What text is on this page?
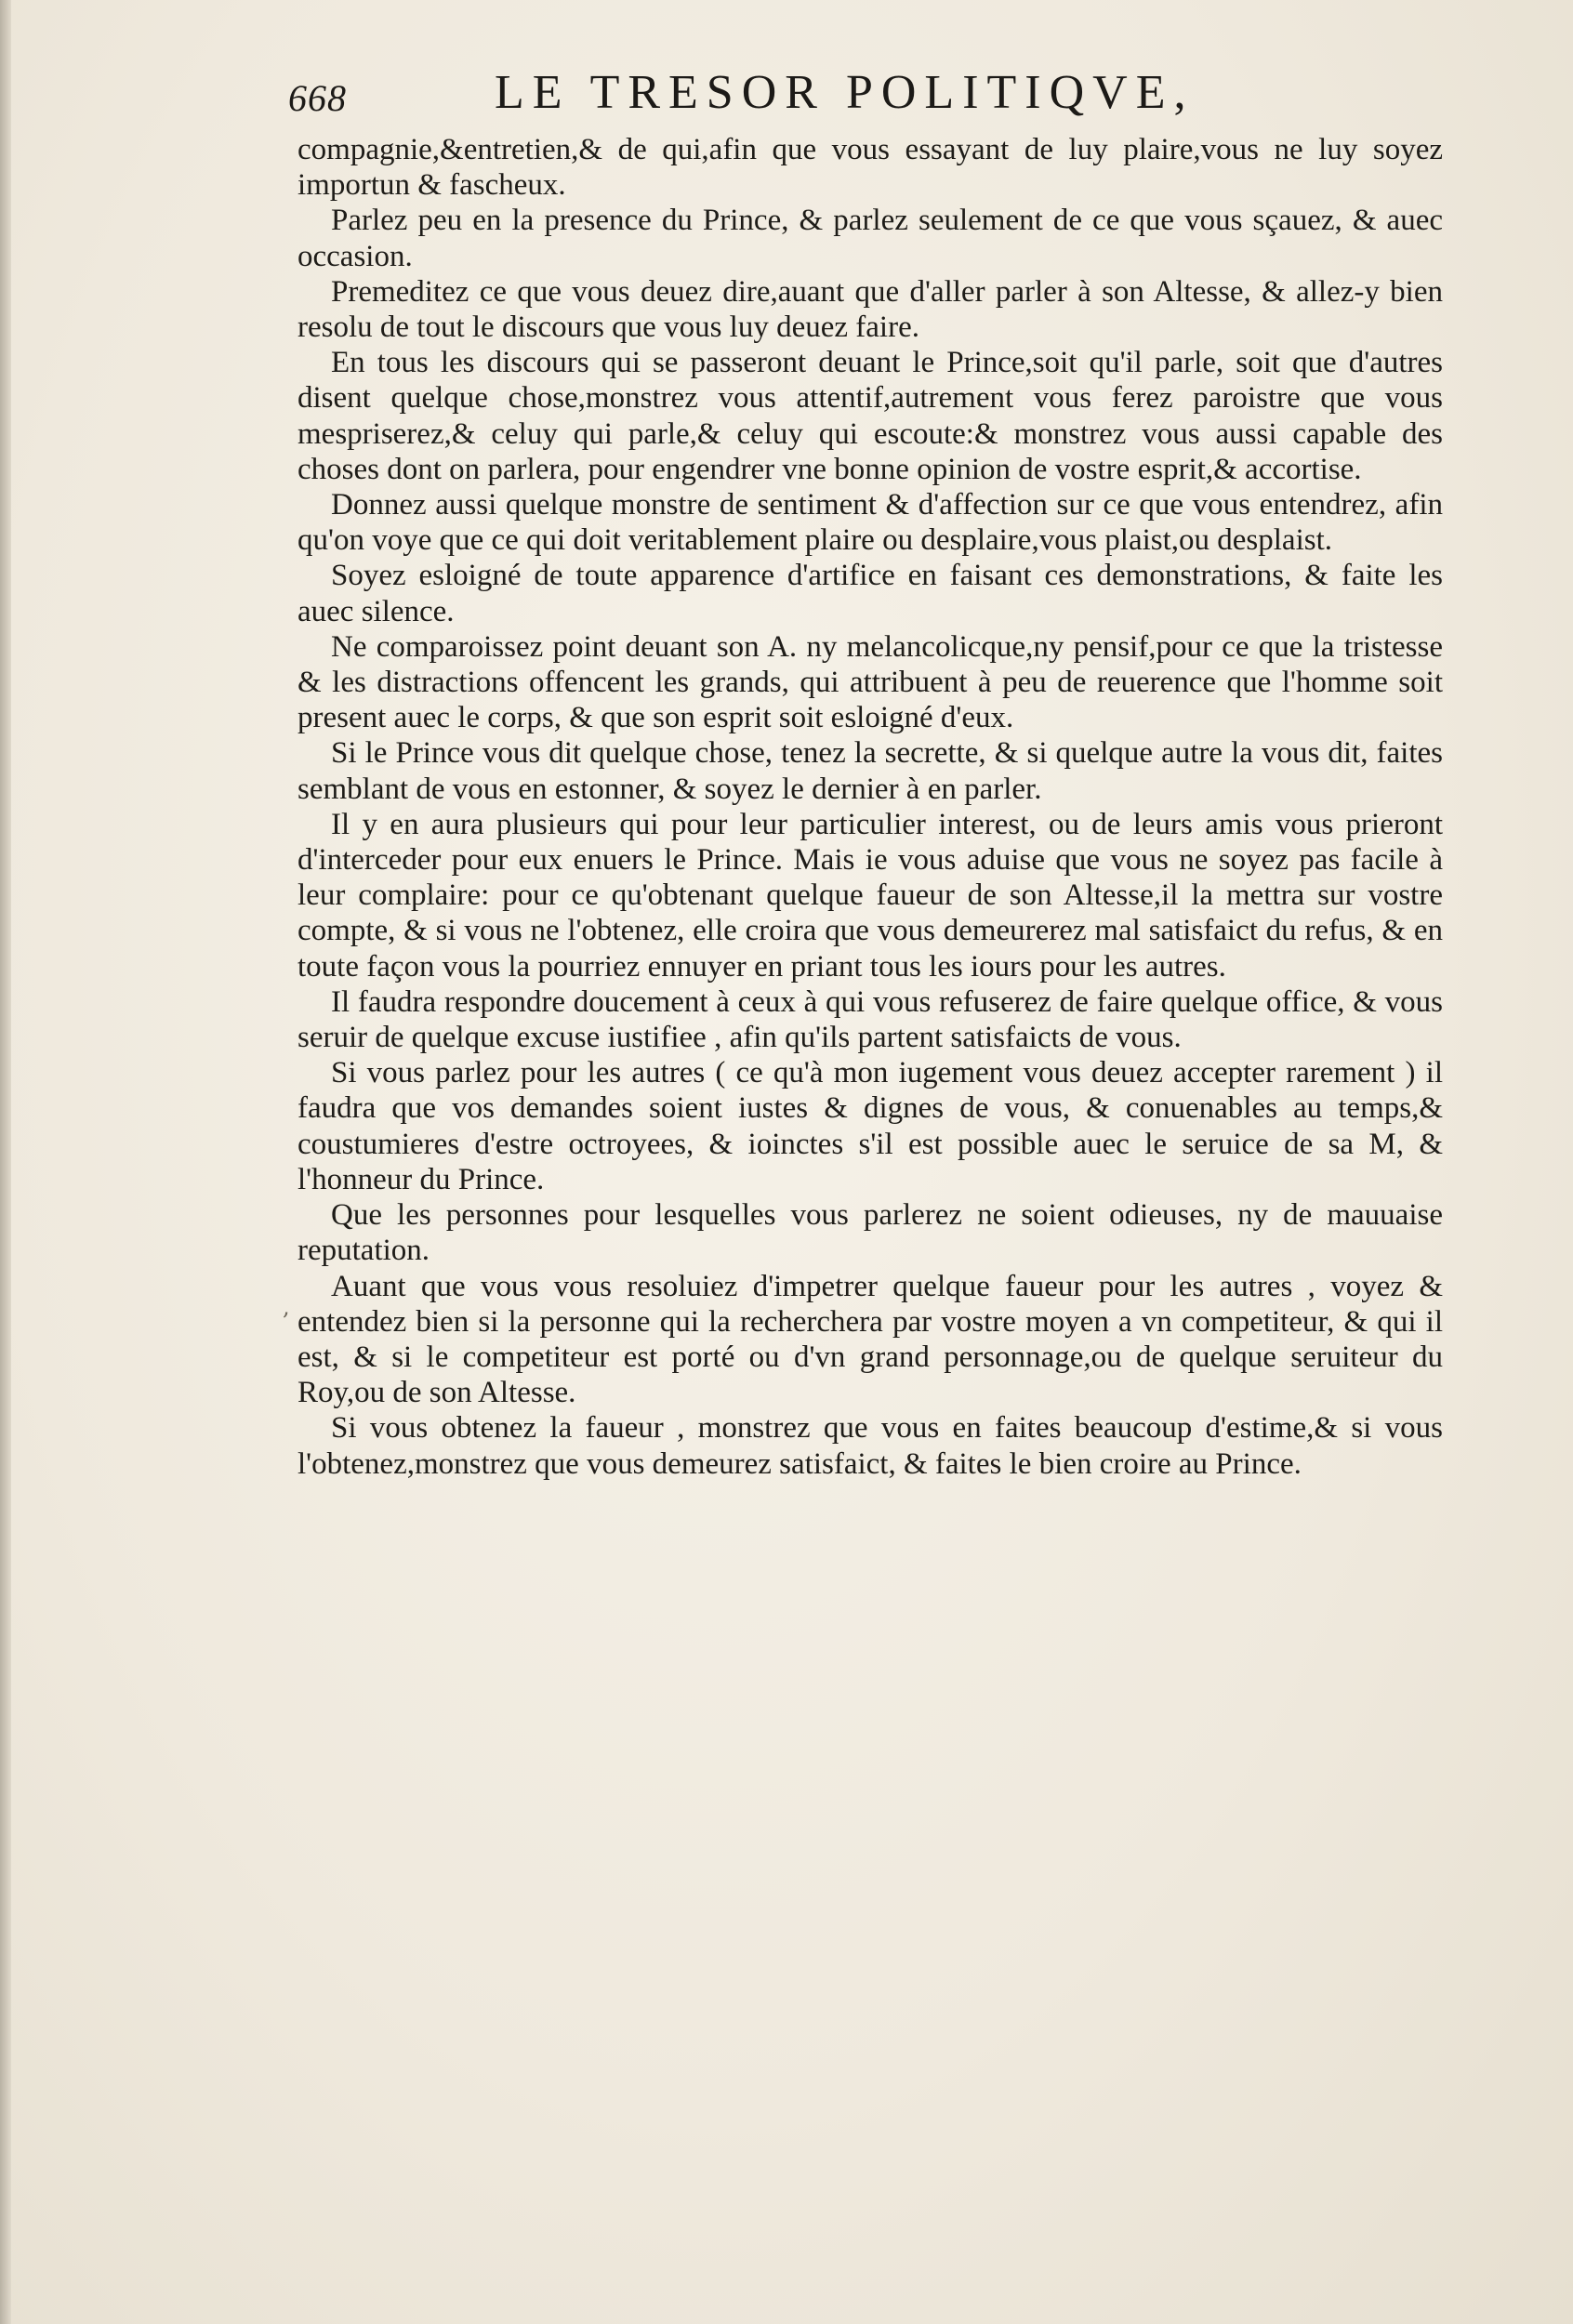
668	LE TRESOR POLITIQVE,

compagnie,&entretien,& de qui,afin que vous essayant de luy plaire,vous ne luy soyez importun & fascheux.

Parlez peu en la presence du Prince, & parlez seulement de ce que vous sçauez, & auec occasion.

Premeditez ce que vous deuez dire,auant que d'aller parler à son Altesse, & allez-y bien resolu de tout le discours que vous luy deuez faire.

En tous les discours qui se passeront deuant le Prince,soit qu'il parle, soit que d'autres disent quelque chose,monstrez vous attentif,autrement vous ferez paroistre que vous mespriserez,& celuy qui parle,& celuy qui escoute:& monstrez vous aussi capable des choses dont on parlera, pour engendrer vne bonne opinion de vostre esprit,& accortise.

Donnez aussi quelque monstre de sentiment & d'affection sur ce que vous entendrez, afin qu'on voye que ce qui doit veritablement plaire ou desplaire,vous plaist,ou desplaist.

Soyez esloigné de toute apparence d'artifice en faisant ces demonstrations, & faite les auec silence.

Ne comparoissez point deuant son A. ny melancolicque,ny pensif,pour ce que la tristesse & les distractions offencent les grands, qui attribuent à peu de reuerence que l'homme soit present auec le corps, & que son esprit soit esloigné d'eux.

Si le Prince vous dit quelque chose, tenez la secrette, & si quelque autre la vous dit, faites semblant de vous en estonner, & soyez le dernier à en parler.

Il y en aura plusieurs qui pour leur particulier interest, ou de leurs amis vous prieront d'interceder pour eux enuers le Prince. Mais ie vous aduise que vous ne soyez pas facile à leur complaire: pour ce qu'obtenant quelque faueur de son Altesse,il la mettra sur vostre compte, & si vous ne l'obtenez, elle croira que vous demeurerez mal satisfaict du refus, & en toute façon vous la pourriez ennuyer en priant tous les iours pour les autres.

Il faudra respondre doucement à ceux à qui vous refuserez de faire quelque office, & vous seruir de quelque excuse iustifiee , afin qu'ils partent satisfaicts de vous.

Si vous parlez pour les autres ( ce qu'à mon iugement vous deuez accepter rarement ) il faudra que vos demandes soient iustes & dignes de vous, & conuenables au temps,& coustumieres d'estre octroyees, & ioinctes s'il est possible auec le seruice de sa M, & l'honneur du Prince.

Que les personnes pour lesquelles vous parlerez ne soient odieuses, ny de mauuaise reputation.

Auant que vous vous resoluiez d'impetrer quelque faueur pour les autres , voyez & entendez bien si la personne qui la recherchera par vostre moyen a vn competiteur, & qui il est, & si le competiteur est porté ou d'vn grand personnage,ou de quelque seruiteur du Roy,ou de son Altesse.

Si vous obtenez la faueur , monstrez que vous en faites beaucoup d'estime,& si vous l'obtenez,monstrez que vous demeurez satisfaict, & faites le bien croire au Prince.

,
